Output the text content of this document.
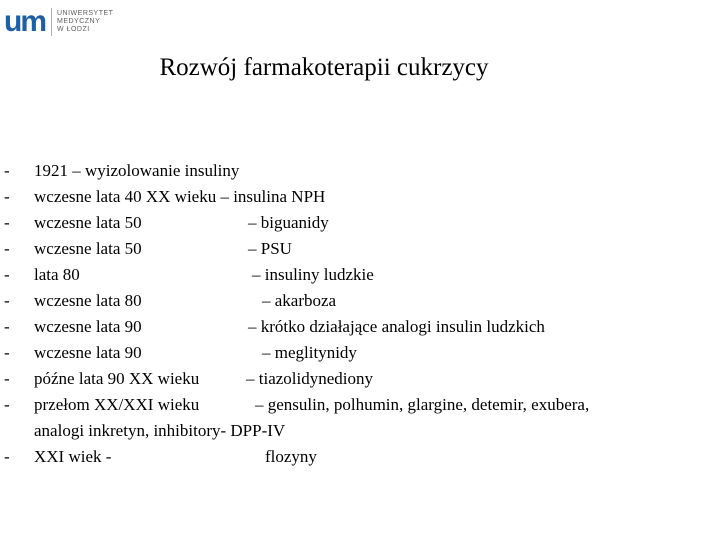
um UNIWERSYTET
MEDYCZNY
W ŁODZI
Rozwój farmakoterapii cukrzycy
- 1921 – wyizolowanie insuliny
- wczesne lata 40 XX wieku – insulina NPH
- wczesne lata 50	– biguanidy
- wczesne lata 50	– PSU
- lata 80	– insuliny ludzkie
- wczesne lata 80	– akarboza
- wczesne lata 90	– krótko działające analogi insulin ludzkich
- wczesne lata 90	– meglitynidy
- późne lata 90 XX wieku	– tiazolidynediony
- przełom XX/XXI wieku	– gensulin, polhumin, glargine, detemir, exubera,
analogi inkretyn, inhibitory- DPP-IV
- XXI wiek -	flozyny
